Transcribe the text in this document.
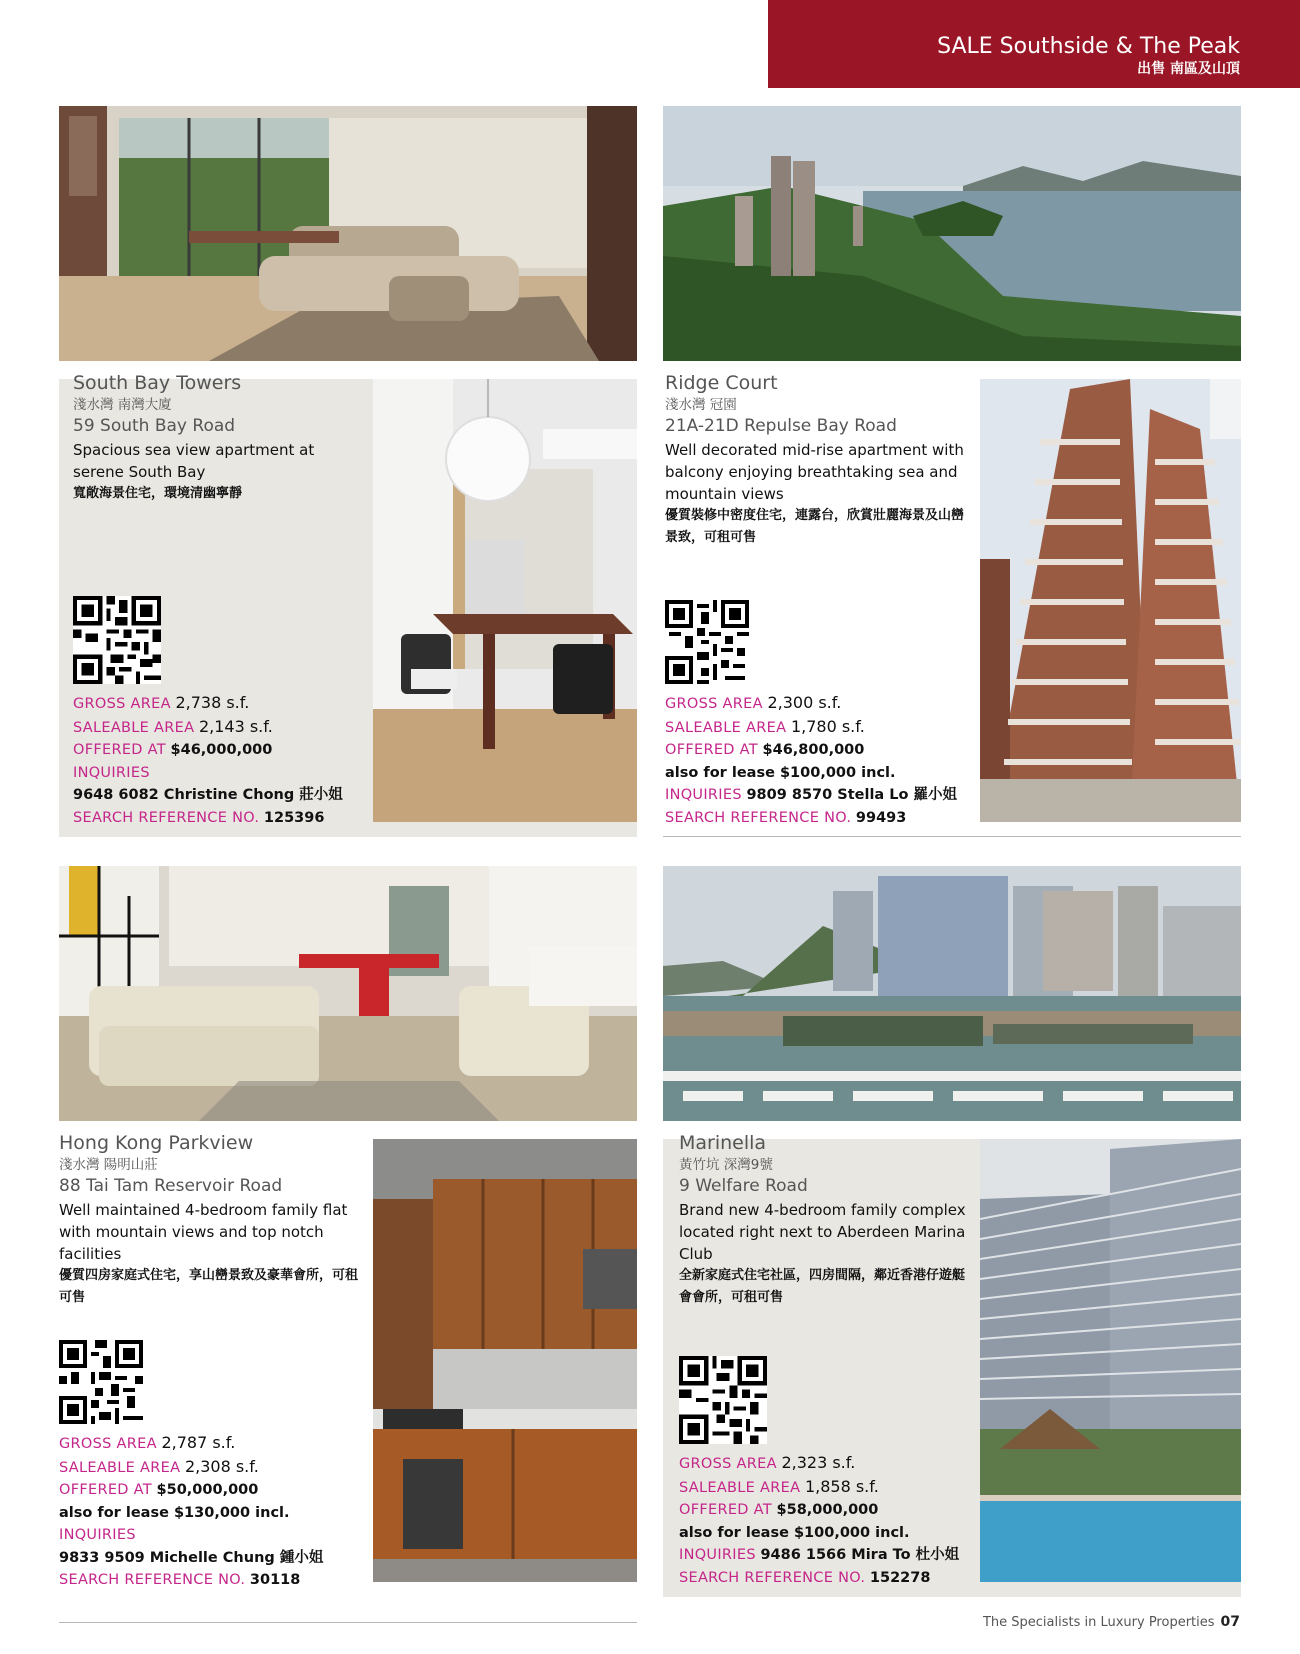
SALE Southside & The Peak
出售 南區及山頂
South Bay Towers
淺水灣 南灣大廈
59 South Bay Road
Spacious sea view apartment at serene South Bay
寬敞海景住宅，環境清幽寧靜
GROSS AREA 2,738 s.f.
SALEABLE AREA 2,143 s.f.
OFFERED AT $46,000,000
INQUIRIES
9648 6082 Christine Chong 莊小姐
SEARCH REFERENCE NO. 125396
Ridge Court
淺水灣 冠園
21A-21D Repulse Bay Road
Well decorated mid-rise apartment with balcony enjoying breathtaking sea and mountain views
優質裝修中密度住宅，連露台，欣賞壯麗海景及山巒景致，可租可售
GROSS AREA 2,300 s.f.
SALEABLE AREA 1,780 s.f.
OFFERED AT $46,800,000
also for lease $100,000 incl.
INQUIRIES 9809 8570 Stella Lo 羅小姐
SEARCH REFERENCE NO. 99493
Hong Kong Parkview
淺水灣 陽明山莊
88 Tai Tam Reservoir Road
Well maintained 4-bedroom family flat with mountain views and top notch facilities
優質四房家庭式住宅，享山巒景致及豪華會所，可租可售
GROSS AREA 2,787 s.f.
SALEABLE AREA 2,308 s.f.
OFFERED AT $50,000,000
also for lease $130,000 incl.
INQUIRIES
9833 9509 Michelle Chung 鍾小姐
SEARCH REFERENCE NO. 30118
Marinella
黃竹坑 深灣9號
9 Welfare Road
Brand new 4-bedroom family complex located right next to Aberdeen Marina Club
全新家庭式住宅社區，四房間隔，鄰近香港仔遊艇會會所，可租可售
GROSS AREA 2,323 s.f.
SALEABLE AREA 1,858 s.f.
OFFERED AT $58,000,000
also for lease $100,000 incl.
INQUIRIES 9486 1566 Mira To 杜小姐
SEARCH REFERENCE NO. 152278
The Specialists in Luxury Properties 07
